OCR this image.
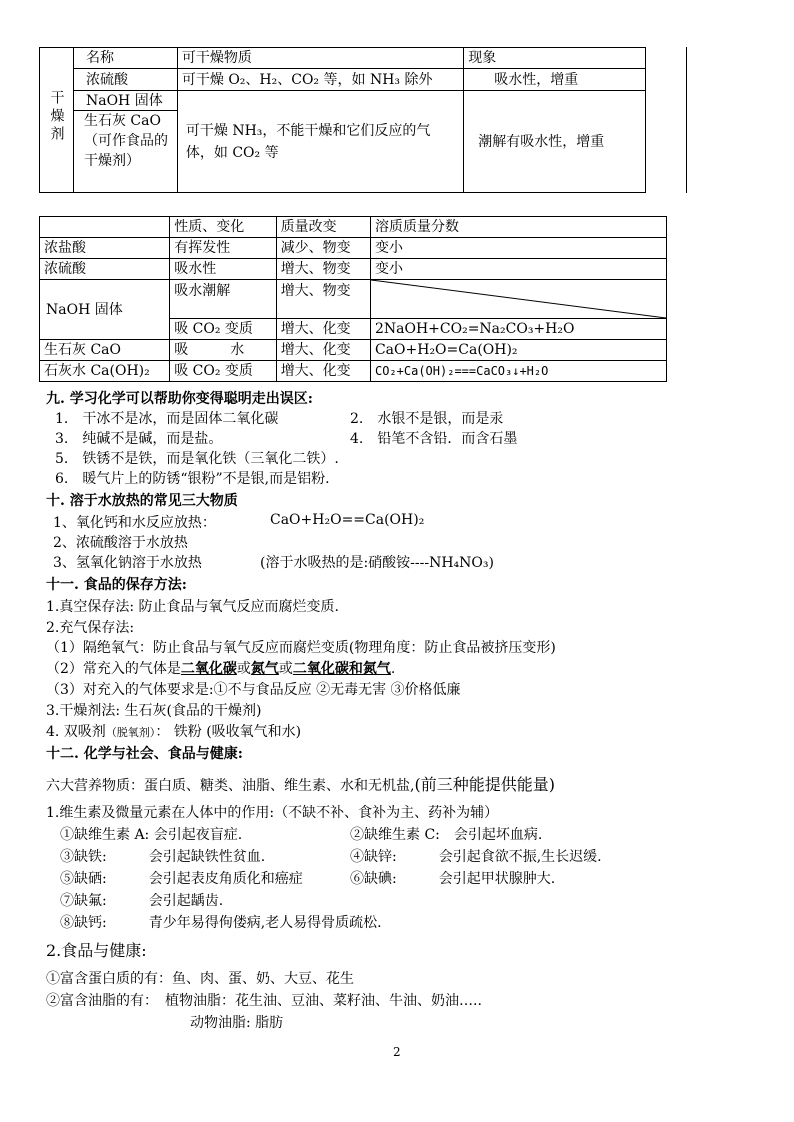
干燥剂	名称	可干燥物质	现象
	浓硫酸	可干燥 O₂、H₂、CO₂ 等，如 NH₃ 除外	吸水性，增重
	NaOH 固体	可干燥 NH₃，不能干燥和它们反应的气体，如 CO₂ 等	潮解有吸水性，增重
	生石灰 CaO（可作食品的干燥剂）		
	性质、变化	质量改变	溶质质量分数
浓盐酸	有挥发性	减少、物变	变小
浓硫酸	吸水性	增大、物变	变小
NaOH 固体	吸水潮解	增大、物变	

	吸 CO₂ 变质	增大、化变	2NaOH+CO₂=Na₂CO₃+H₂O
生石灰 CaO	吸　　　水	增大、化变	CaO+H₂O=Ca(OH)₂
石灰水 Ca(OH)₂	吸 CO₂ 变质	增大、化变	CO₂+Ca(OH)₂===CaCO₃↓+H₂O
九. 学习化学可以帮助你变得聪明走出误区:
1.　干冰不是冰，而是固体二氧化碳	2.　水银不是银，而是汞
3.　纯碱不是碱，而是盐。	4.　铅笔不含铅．而含石墨
5.　铁锈不是铁，而是氧化铁（三氧化二铁）.
6.　暖气片上的防锈“银粉”不是银,而是铝粉.
十. 溶于水放热的常见三大物质
1、氧化钙和水反应放热：	CaO+H₂O==Ca(OH)₂
2、浓硫酸溶于水放热
3、氢氧化钠溶于水放热	(溶于水吸热的是:硝酸铵----NH₄NO₃)
十一. 食品的保存方法:
1.真空保存法: 防止食品与氧气反应而腐烂变质.
2.充气保存法:
（1）隔绝氧气：防止食品与氧气反应而腐烂变质(物理角度：防止食品被挤压变形)
（2）常充入的气体是二氧化碳或氮气或二氧化碳和氮气.
（3）对充入的气体要求是:①不与食品反应 ②无毒无害 ③价格低廉
3.干燥剂法: 生石灰(食品的干燥剂)
4. 双吸剂（脱氧剂）： 铁粉 (吸收氧气和水)
十二. 化学与社会、食品与健康:
六大营养物质：蛋白质、糖类、油脂、维生素、水和无机盐,(前三种能提供能量)
1.维生素及微量元素在人体中的作用:（不缺不补、食补为主、药补为辅）
①缺维生素 A: 会引起夜盲症.	②缺维生素 C:　会引起坏血病.
③缺铁:　　　会引起缺铁性贫血.	④缺锌:　　　会引起食欲不振,生长迟缓.
⑤缺硒:　　　会引起表皮角质化和癌症	⑥缺碘:　　　会引起甲状腺肿大.
⑦缺氟:　　　会引起龋齿.
⑧缺钙:　　　青少年易得佝偻病,老人易得骨质疏松.
2.食品与健康:
①富含蛋白质的有：鱼、肉、蛋、奶、大豆、花生
②富含油脂的有：　植物油脂：花生油、豆油、菜籽油、牛油、奶油…..
动物油脂: 脂肪
2
